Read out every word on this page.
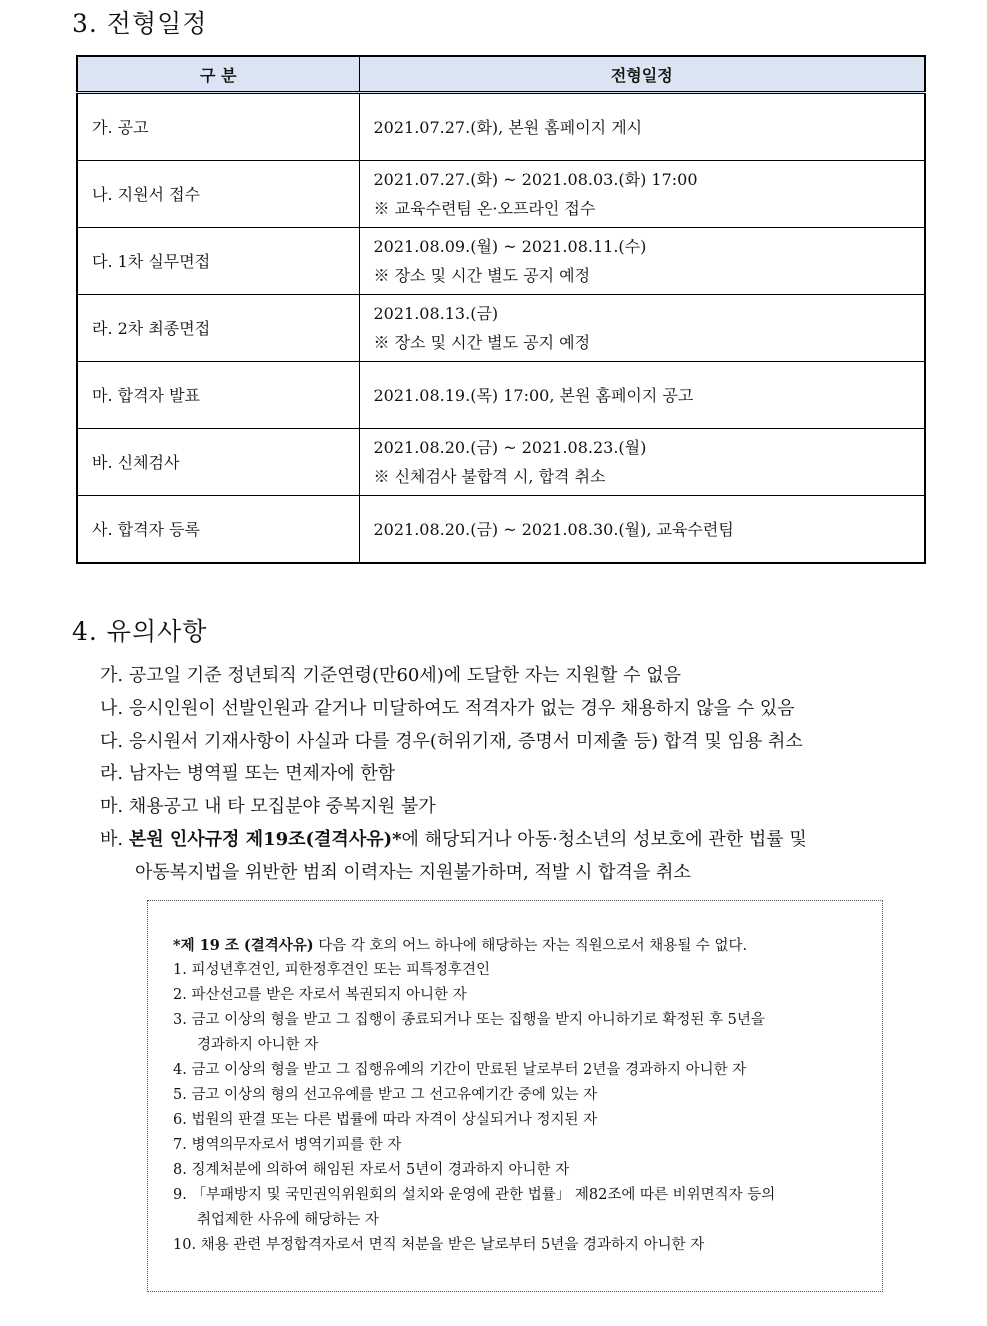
3. 전형일정
구 분	전형일정
가. 공고	2021.07.27.(화), 본원 홈페이지 게시

나. 지원서 접수	2021.07.27.(화) ~ 2021.08.03.(화) 17:00
※ 교육수련팀 온·오프라인 접수

다. 1차 실무면접	2021.08.09.(월) ~ 2021.08.11.(수)
※ 장소 및 시간 별도 공지 예정

라. 2차 최종면접	2021.08.13.(금)
※ 장소 및 시간 별도 공지 예정

마. 합격자 발표	2021.08.19.(목) 17:00, 본원 홈페이지 공고

바. 신체검사	2021.08.20.(금) ~ 2021.08.23.(월)
※ 신체검사 불합격 시, 합격 취소

사. 합격자 등록	2021.08.20.(금) ~ 2021.08.30.(월), 교육수련팀
4. 유의사항
가. 공고일 기준 정년퇴직 기준연령(만60세)에 도달한 자는 지원할 수 없음
나. 응시인원이 선발인원과 같거나 미달하여도 적격자가 없는 경우 채용하지 않을 수 있음
다. 응시원서 기재사항이 사실과 다를 경우(허위기재, 증명서 미제출 등) 합격 및 임용 취소
라. 남자는 병역필 또는 면제자에 한함
마. 채용공고 내 타 모집분야 중복지원 불가
바. 본원 인사규정 제19조(결격사유)*에 해당되거나 아동·청소년의 성보호에 관한 법률 및
아동복지법을 위반한 범죄 이력자는 지원불가하며, 적발 시 합격을 취소
*제 19 조 (결격사유) 다음 각 호의 어느 하나에 해당하는 자는 직원으로서 채용될 수 없다.
1. 피성년후견인, 피한정후견인 또는 피특정후견인
2. 파산선고를 받은 자로서 복권되지 아니한 자
3. 금고 이상의 형을 받고 그 집행이 종료되거나 또는 집행을 받지 아니하기로 확정된 후 5년을
경과하지 아니한 자
4. 금고 이상의 형을 받고 그 집행유예의 기간이 만료된 날로부터 2년을 경과하지 아니한 자
5. 금고 이상의 형의 선고유예를 받고 그 선고유예기간 중에 있는 자
6. 법원의 판결 또는 다른 법률에 따라 자격이 상실되거나 정지된 자
7. 병역의무자로서 병역기피를 한 자
8. 징계처분에 의하여 해임된 자로서 5년이 경과하지 아니한 자
9. 「부패방지 및 국민권익위원회의 설치와 운영에 관한 법률」 제82조에 따른 비위면직자 등의
취업제한 사유에 해당하는 자
10. 채용 관련 부정합격자로서 면직 처분을 받은 날로부터 5년을 경과하지 아니한 자
